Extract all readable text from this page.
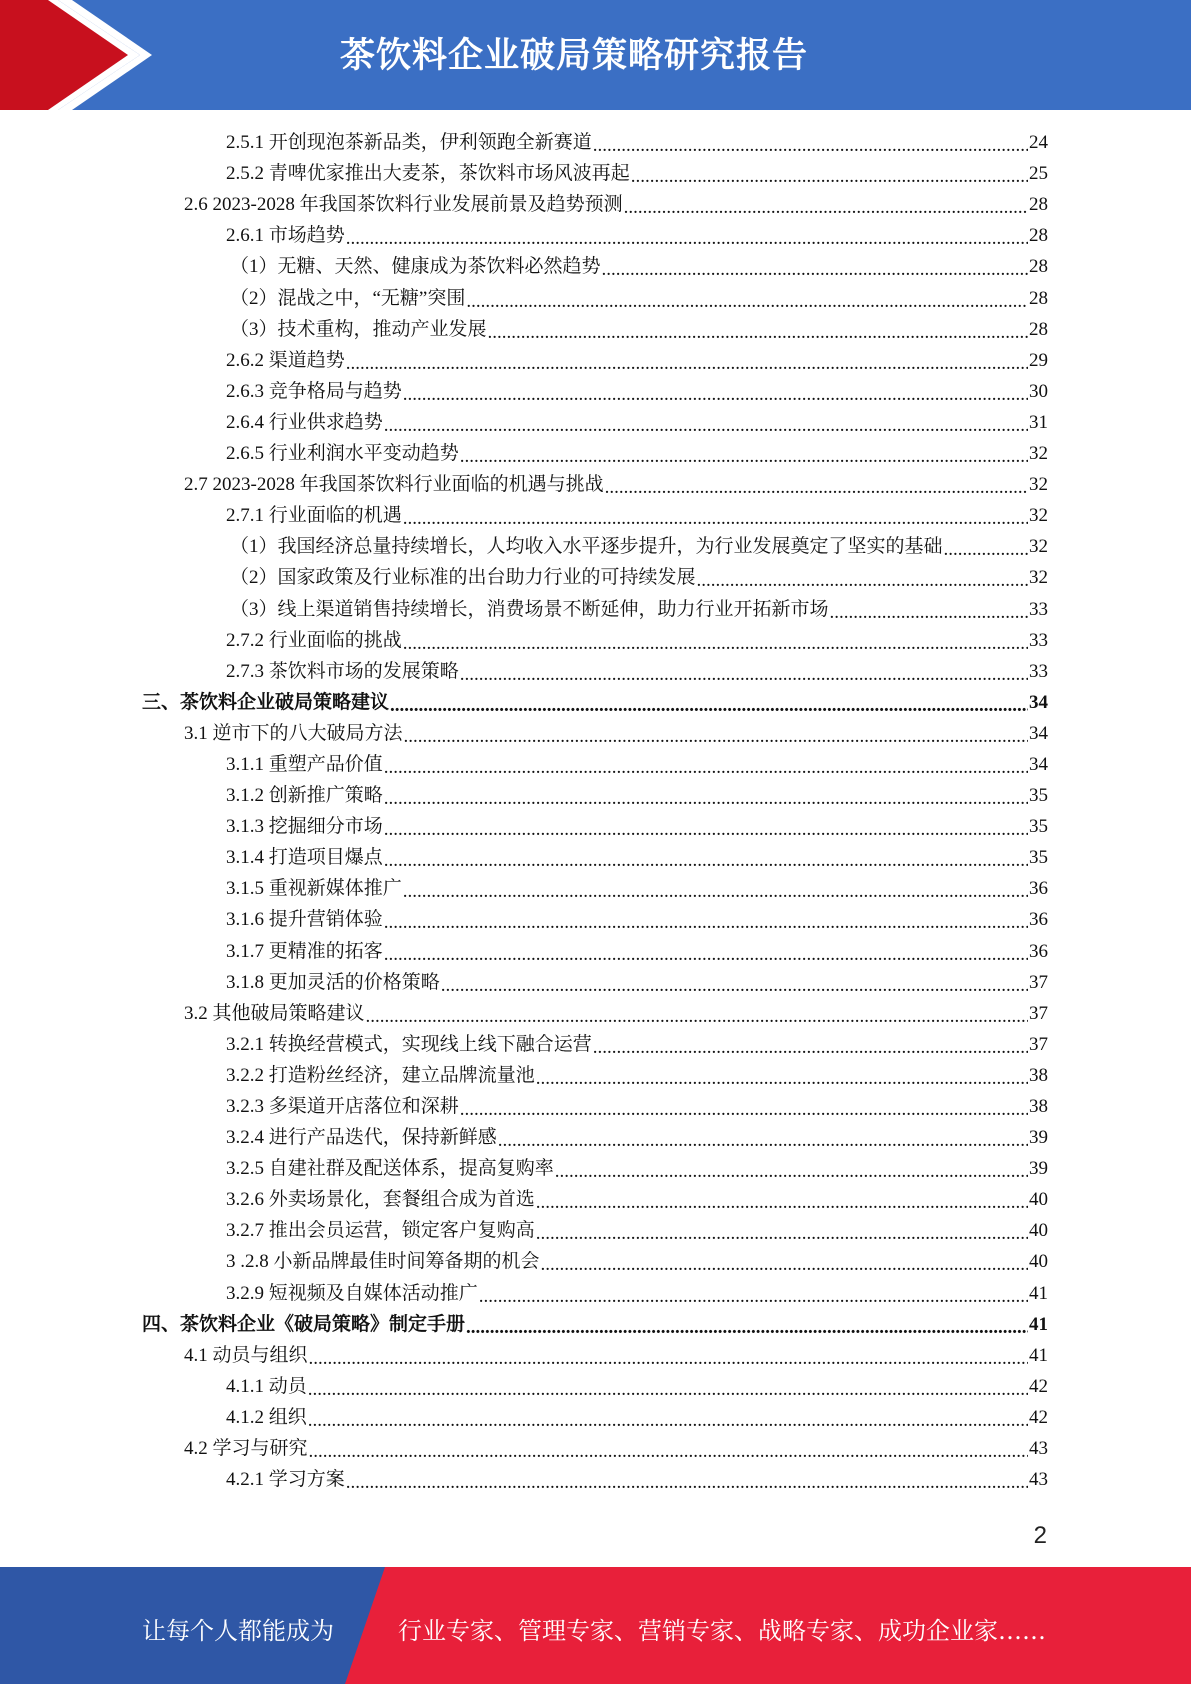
茶饮料企业破局策略研究报告
2.5.1 开创现泡茶新品类，伊利领跑全新赛道 .....	24
2.5.2 青啤优家推出大麦茶，茶饮料市场风波再起 .....	25
2.6 2023-2028 年我国茶饮料行业发展前景及趋势预测 .....	28
2.6.1 市场趋势 .....	28
（1）无糖、天然、健康成为茶饮料必然趋势 .....	28
（2）混战之中，“无糖”突围 .....	28
（3）技术重构，推动产业发展 .....	28
2.6.2 渠道趋势 .....	29
2.6.3 竞争格局与趋势 .....	30
2.6.4 行业供求趋势 .....	31
2.6.5 行业利润水平变动趋势 .....	32
2.7 2023-2028 年我国茶饮料行业面临的机遇与挑战 .....	32
2.7.1 行业面临的机遇 .....	32
（1）我国经济总量持续增长，人均收入水平逐步提升，为行业发展奠定了坚实的基础 .....	32
（2）国家政策及行业标准的出台助力行业的可持续发展 .....	32
（3）线上渠道销售持续增长，消费场景不断延伸，助力行业开拓新市场 .....	33
2.7.2 行业面临的挑战 .....	33
2.7.3 茶饮料市场的发展策略 .....	33
三、茶饮料企业破局策略建议 .....	34
3.1 逆市下的八大破局方法 .....	34
3.1.1 重塑产品价值 .....	34
3.1.2 创新推广策略 .....	35
3.1.3 挖掘细分市场 .....	35
3.1.4 打造项目爆点 .....	35
3.1.5 重视新媒体推广 .....	36
3.1.6 提升营销体验 .....	36
3.1.7 更精准的拓客 .....	36
3.1.8 更加灵活的价格策略 .....	37
3.2 其他破局策略建议 .....	37
3.2.1 转换经营模式，实现线上线下融合运营 .....	37
3.2.2 打造粉丝经济，建立品牌流量池 .....	38
3.2.3 多渠道开店落位和深耕 .....	38
3.2.4 进行产品迭代，保持新鲜感 .....	39
3.2.5 自建社群及配送体系，提高复购率 .....	39
3.2.6 外卖场景化，套餐组合成为首选 .....	40
3.2.7 推出会员运营，锁定客户复购高 .....	40
3 .2.8 小新品牌最佳时间筹备期的机会 .....	40
3.2.9 短视频及自媒体活动推广 .....	41
四、茶饮料企业《破局策略》制定手册 .....	41
4.1 动员与组织 .....	41
4.1.1 动员 .....	42
4.1.2 组织 .....	42
4.2 学习与研究 .....	43
4.2.1 学习方案 .....	43
2
让每个人都能成为	行业专家、管理专家、营销专家、战略专家、成功企业家……
